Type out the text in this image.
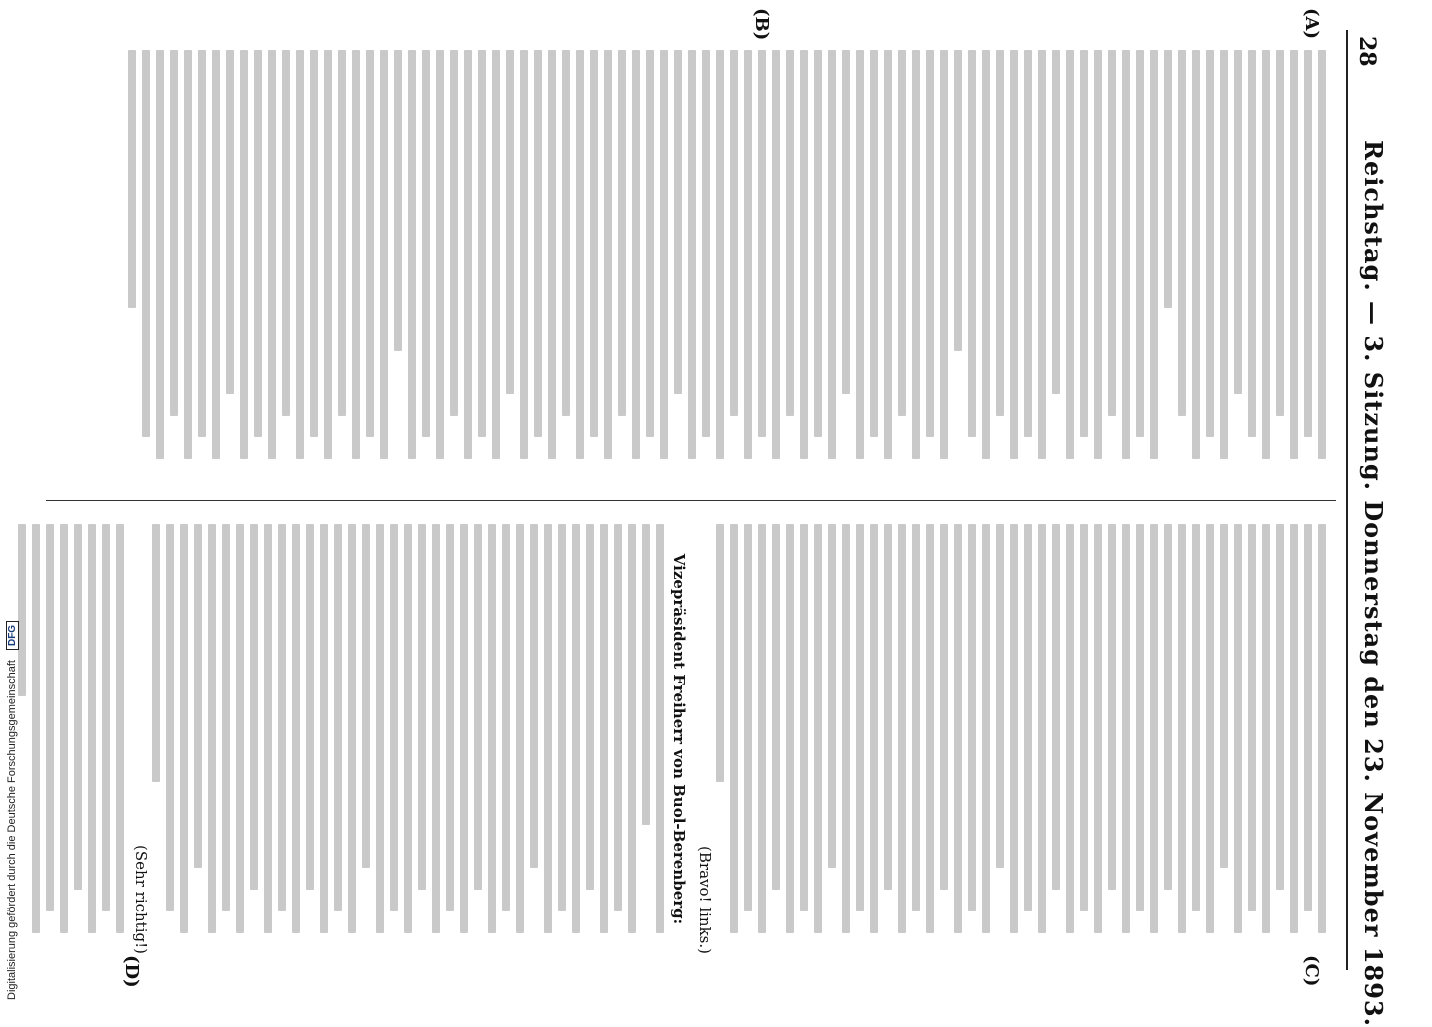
28
Reichstag. — 3. Sitzung. Donnerstag den 23. November 1893.
(A)
(B)
(C)
(D)
(Bravo! links.)
Vizepräsident Freiherr von Buol-Berenberg:
(Sehr richtig!)
Digitalisierung gefördert durch die Deutsche Forschungsgemeinschaft
DFG
